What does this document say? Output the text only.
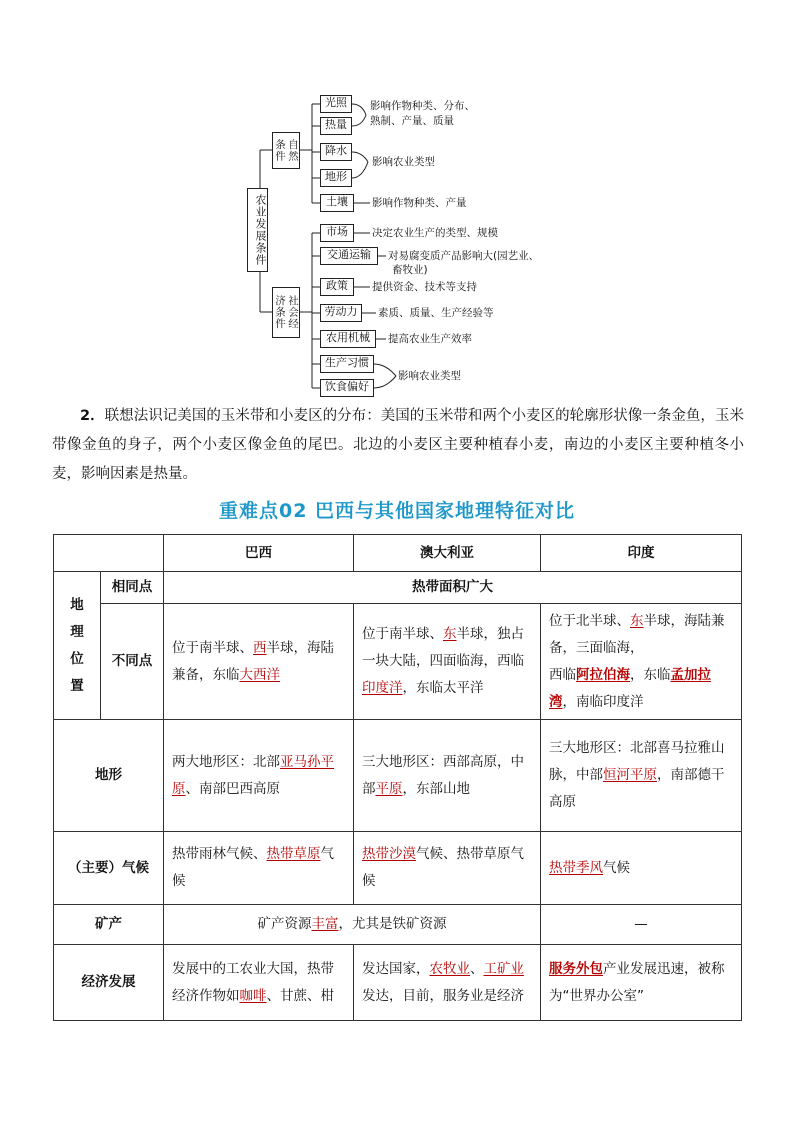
农业发展条件
自然条件
社会经济条件
光照
热量
降水
地形
土壤
市场
交通运输
政策
劳动力
农用机械
生产习惯
饮食偏好
影响作物种类、分布、
熟制、产量、质量
影响农业类型
影响作物种类、产量
决定农业生产的类型、规模
对易腐变质产品影响大(园艺业、
畜牧业)
提供资金、技术等支持
素质、质量、生产经验等
提高农业生产效率
影响农业类型
2．联想法识记美国的玉米带和小麦区的分布：美国的玉米带和两个小麦区的轮廓形状像一条金鱼，玉米带像金鱼的身子，两个小麦区像金鱼的尾巴。北边的小麦区主要种植春小麦，南边的小麦区主要种植冬小麦，影响因素是热量。
重难点02 巴西与其他国家地理特征对比
		巴西	澳大利亚	印度

地
理
位
置	相同点	热带面积广大		
	不同点	位于南半球、西半球，海陆兼备，东临大西洋	位于南半球、东半球，独占一块大陆，四面临海，西临印度洋，东临太平洋	位于北半球、东半球，海陆兼备，三面临海，
西临阿拉伯海，东临孟加拉湾，南临印度洋
地形		两大地形区：北部亚马孙平原、南部巴西高原	三大地形区：西部高原，中部平原，东部山地	三大地形区：北部喜马拉雅山脉，中部恒河平原，南部德干高原
（主要）气候		热带雨林气候、热带草原气候	热带沙漠气候、热带草原气候	热带季风气候
矿产		矿产资源丰富，尤其是铁矿资源		—
经济发展		发展中的工农业大国，热带经济作物如咖啡、甘蔗、柑	发达国家，农牧业、工矿业发达，目前，服务业是经济	服务外包产业发展迅速，被称为“世界办公室”
